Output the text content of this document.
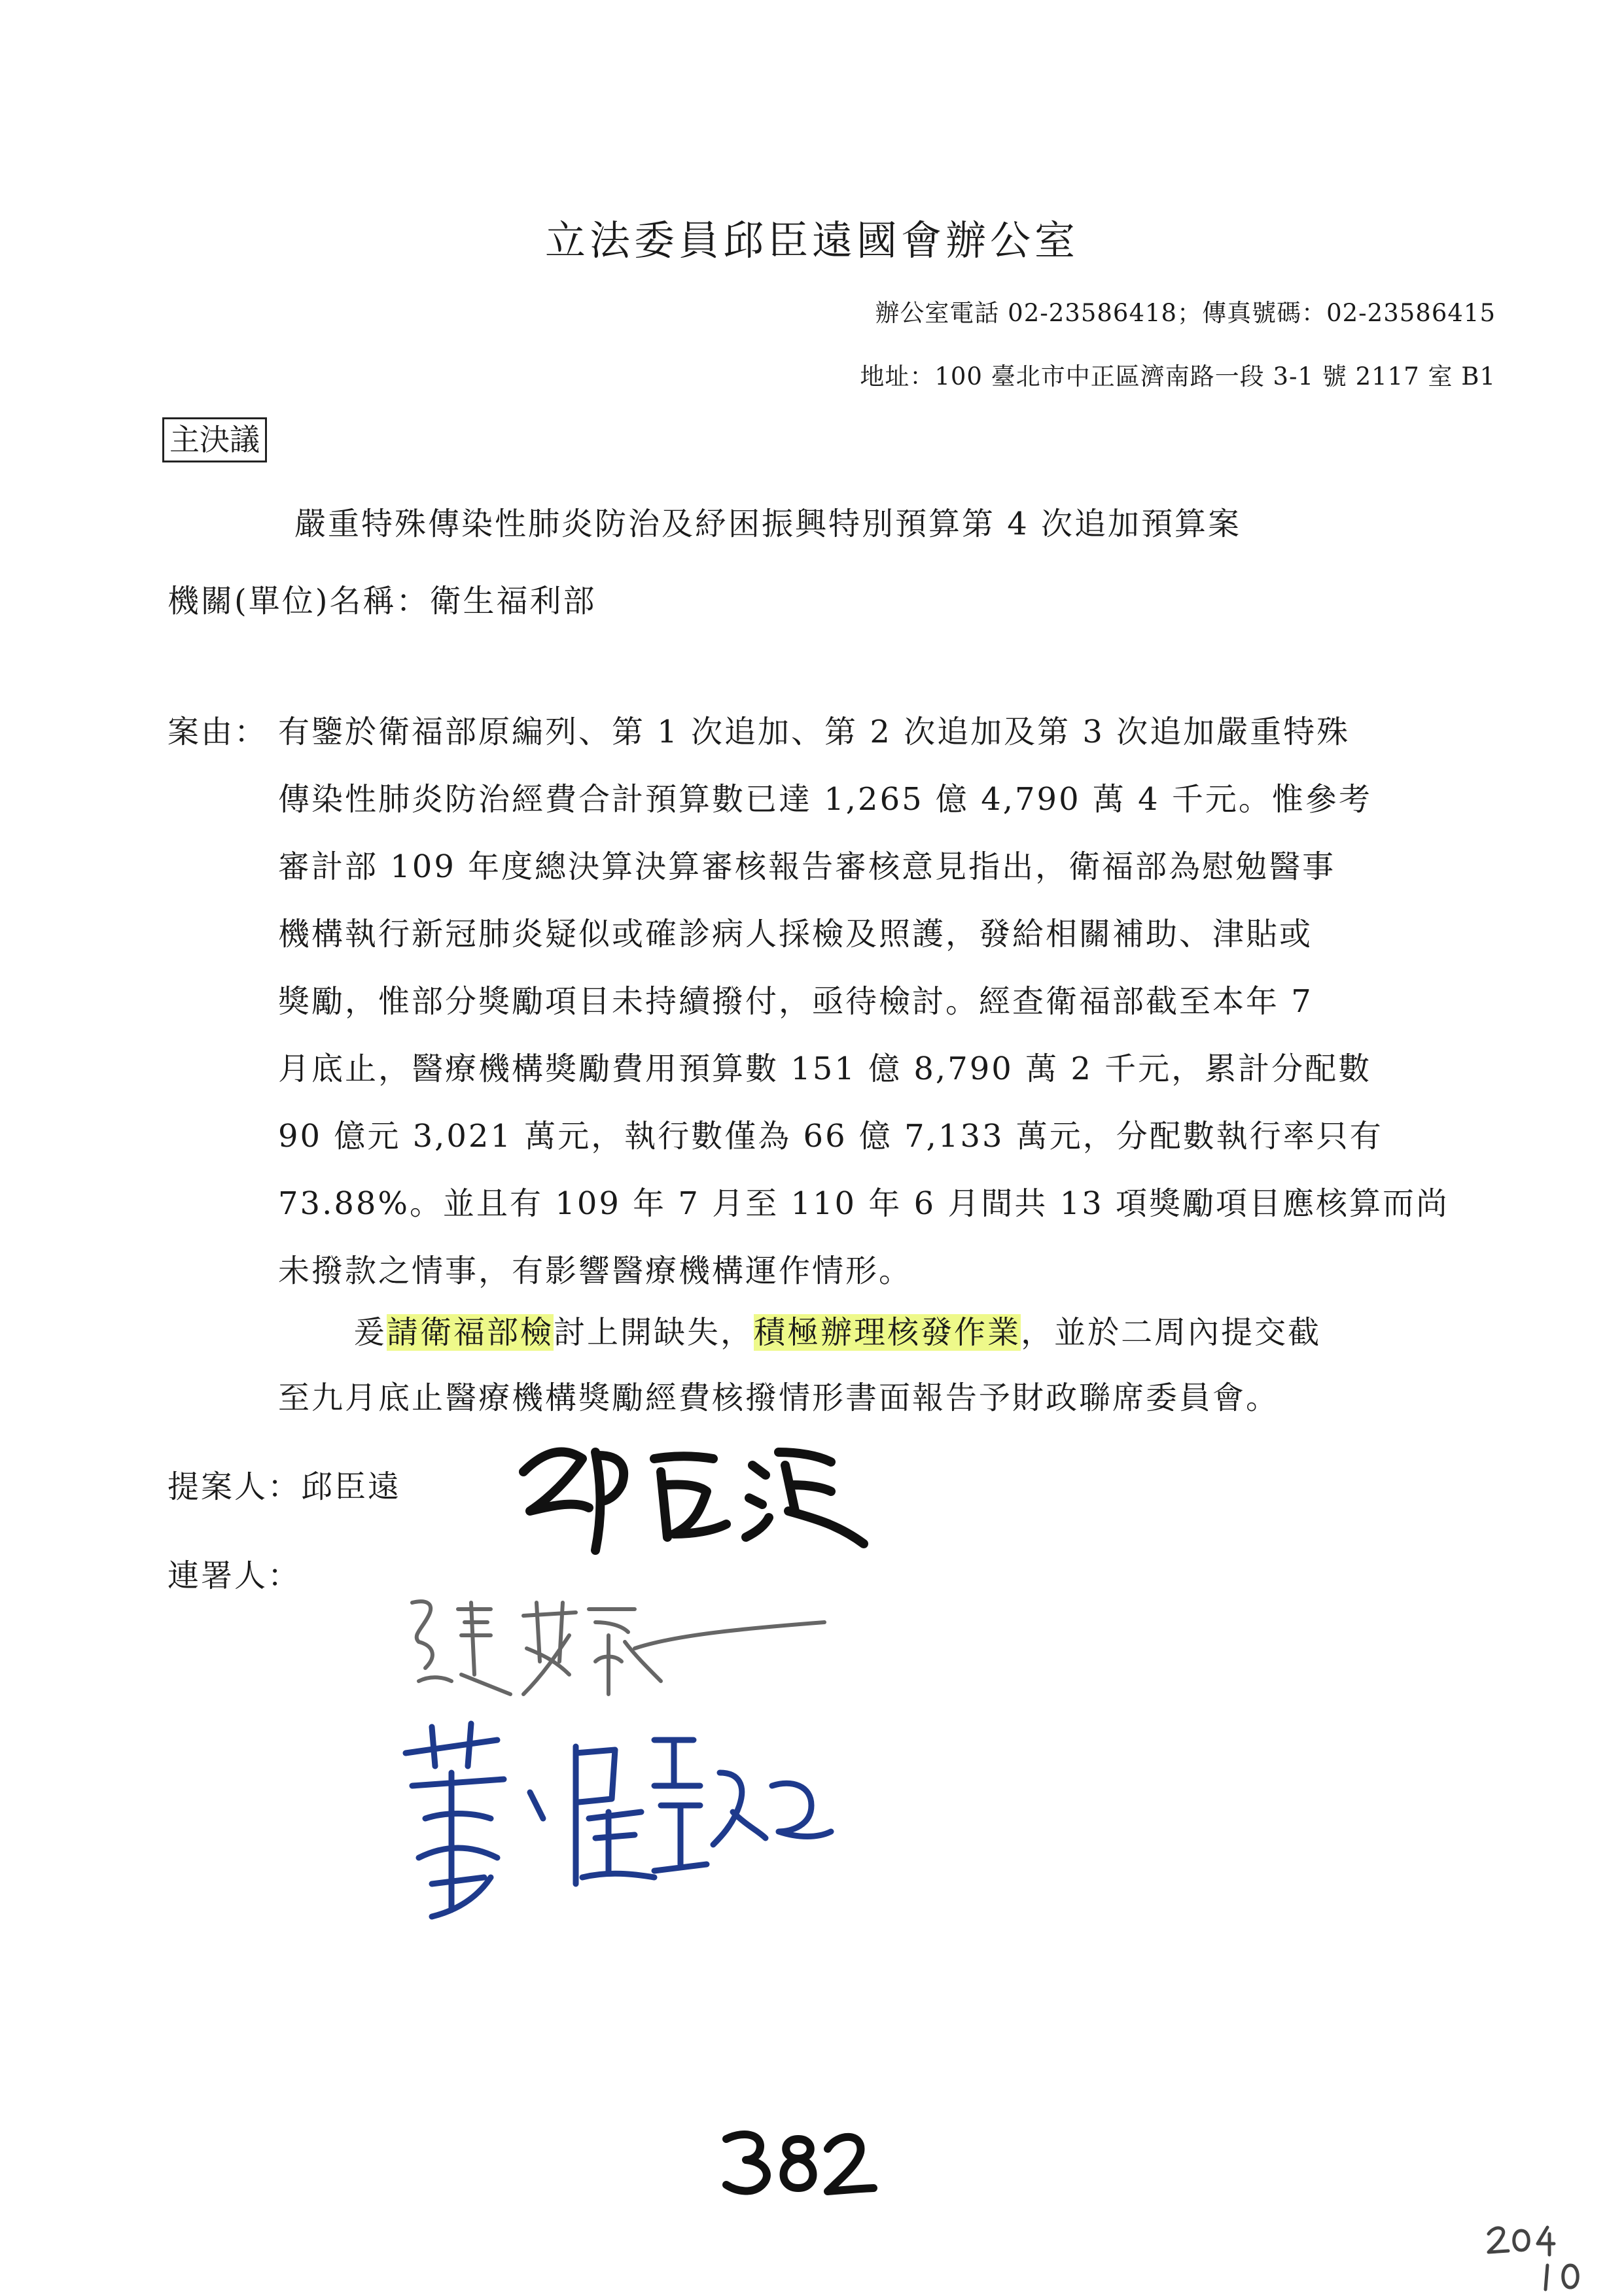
立法委員邱臣遠國會辦公室
辦公室電話 02-23586418；傳真號碼：02-23586415
地址：100 臺北市中正區濟南路一段 3-1 號 2117 室 B1
主決議
嚴重特殊傳染性肺炎防治及紓困振興特別預算第 4 次追加預算案
機關(單位)名稱：衛生福利部
案由： 有鑒於衛福部原編列、第 1 次追加、第 2 次追加及第 3 次追加嚴重特殊
傳染性肺炎防治經費合計預算數已達 1,265 億 4,790 萬 4 千元。惟參考
審計部 109 年度總決算決算審核報告審核意見指出，衛福部為慰勉醫事
機構執行新冠肺炎疑似或確診病人採檢及照護，發給相關補助、津貼或
獎勵，惟部分獎勵項目未持續撥付，亟待檢討。經查衛福部截至本年 7
月底止，醫療機構獎勵費用預算數 151 億 8,790 萬 2 千元，累計分配數
90 億元 3,021 萬元，執行數僅為 66 億 7,133 萬元，分配數執行率只有
73.88%。並且有 109 年 7 月至 110 年 6 月間共 13 項獎勵項目應核算而尚
未撥款之情事，有影響醫療機構運作情形。
爰請衛福部檢討上開缺失，積極辦理核發作業，並於二周內提交截
至九月底止醫療機構獎勵經費核撥情形書面報告予財政聯席委員會。
提案人：邱臣遠
連署人：
